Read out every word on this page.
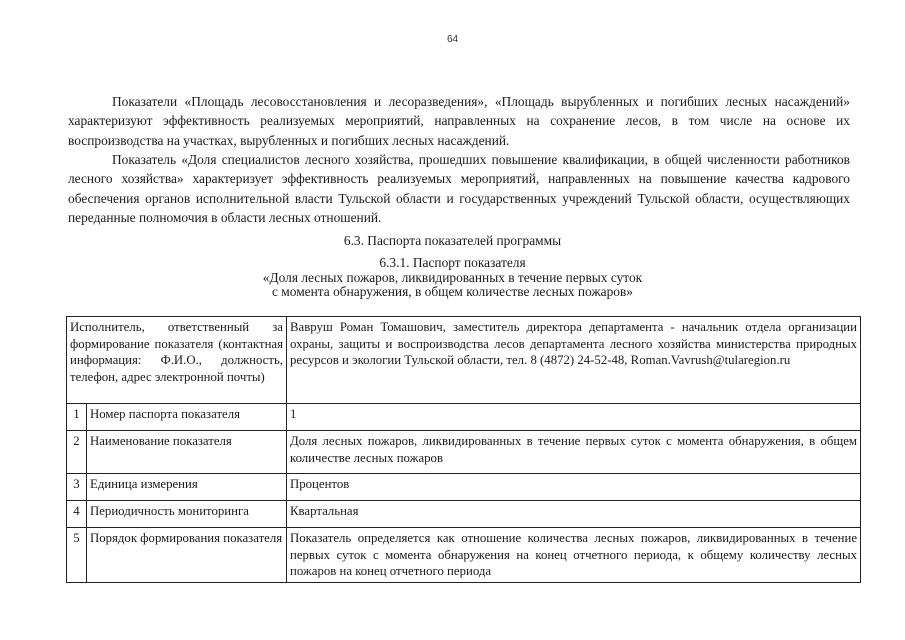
64

Показатели «Площадь лесовосстановления и лесоразведения», «Площадь вырубленных и погибших лесных насаждений» характеризуют эффективность реализуемых мероприятий, направленных на сохранение лесов, в том числе на основе их воспроизводства на участках, вырубленных и погибших лесных насаждений.

Показатель «Доля специалистов лесного хозяйства, прошедших повышение квалификации, в общей численности работников лесного хозяйства» характеризует эффективность реализуемых мероприятий, направленных на повышение качества кадрового обеспечения органов исполнительной власти Тульской области и государственных учреждений Тульской области, осуществляющих переданные полномочия в области лесных отношений.

6.3. Паспорта показателей программы
6.3.1. Паспорт показателя
«Доля лесных пожаров, ликвидированных в течение первых суток
с момента обнаружения, в общем количестве лесных пожаров»
Исполнитель, ответственный за формирование показателя (контактная информация: Ф.И.О., должность, телефон, адрес электронной почты)		Вавруш Роман Томашович, заместитель директора департамента - начальник отдела организации охраны, защиты и воспроизводства лесов департамента лесного хозяйства министерства природных ресурсов и экологии Тульской области, тел. 8 (4872) 24-52-48, Roman.Vavrush@tularegion.ru
1	Номер паспорта показателя	1
2	Наименование показателя	Доля лесных пожаров, ликвидированных в течение первых суток с момента обнаружения, в общем количестве лесных пожаров
3	Единица измерения	Процентов
4	Периодичность мониторинга	Квартальная
5	Порядок формирования показателя	Показатель определяется как отношение количества лесных пожаров, ликвидированных в течение первых суток с момента обнаружения на конец отчетного периода, к общему количеству лесных пожаров на конец отчетного периода
